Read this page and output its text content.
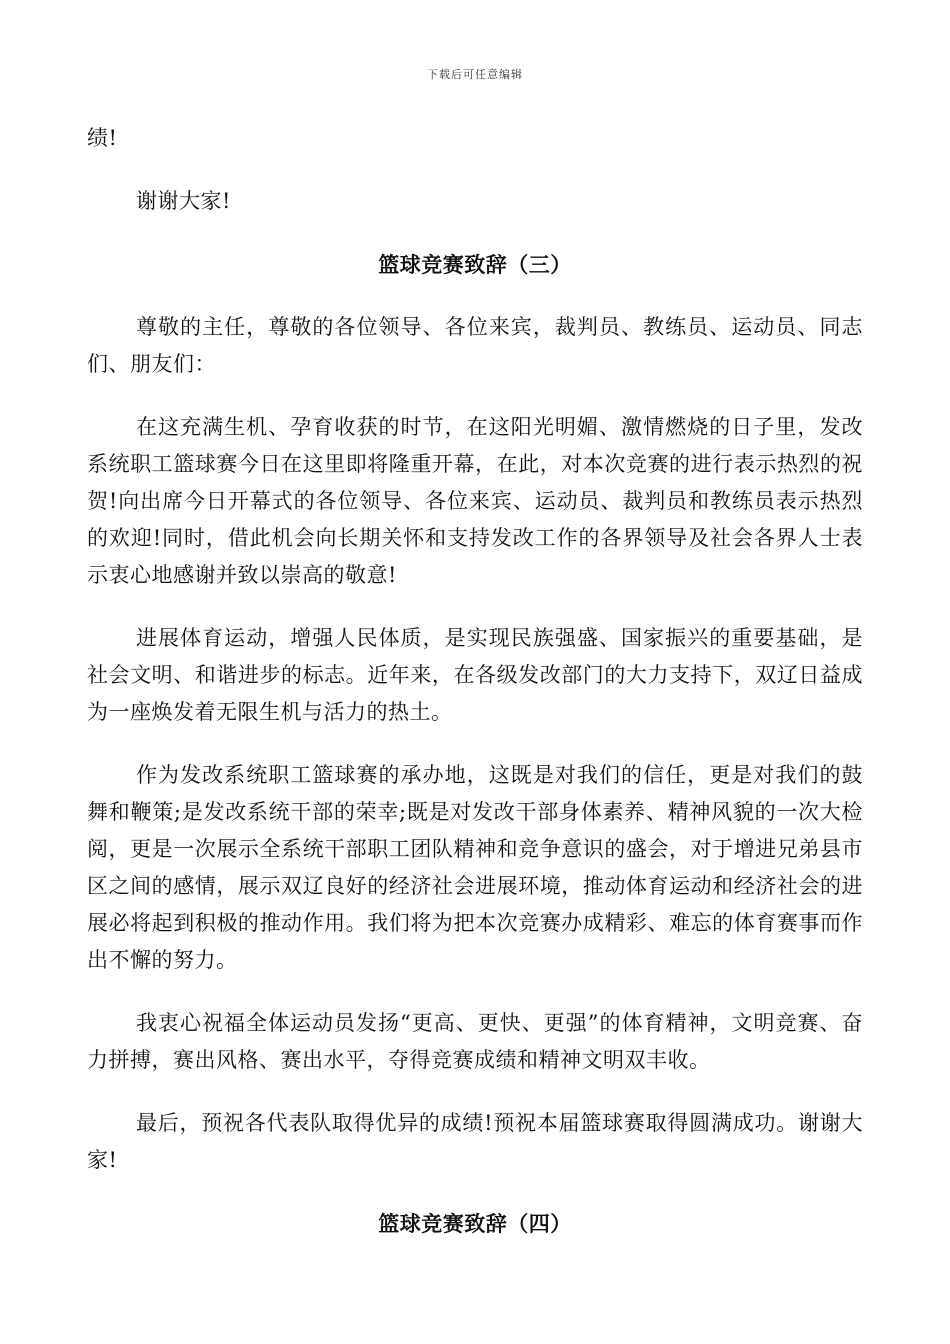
下载后可任意编辑

绩!

谢谢大家!

篮球竞赛致辞（三）

尊敬的主任，尊敬的各位领导、各位来宾，裁判员、教练员、运动员、同志们、朋友们：

在这充满生机、孕育收获的时节，在这阳光明媚、激情燃烧的日子里，发改系统职工篮球赛今日在这里即将隆重开幕，在此，对本次竞赛的进行表示热烈的祝贺!向出席今日开幕式的各位领导、各位来宾、运动员、裁判员和教练员表示热烈的欢迎!同时，借此机会向长期关怀和支持发改工作的各界领导及社会各界人士表示衷心地感谢并致以崇高的敬意!

进展体育运动，增强人民体质，是实现民族强盛、国家振兴的重要基础，是社会文明、和谐进步的标志。近年来，在各级发改部门的大力支持下，双辽日益成为一座焕发着无限生机与活力的热土。

作为发改系统职工篮球赛的承办地，这既是对我们的信任，更是对我们的鼓舞和鞭策;是发改系统干部的荣幸;既是对发改干部身体素养、精神风貌的一次大检阅，更是一次展示全系统干部职工团队精神和竞争意识的盛会，对于增进兄弟县市区之间的感情，展示双辽良好的经济社会进展环境，推动体育运动和经济社会的进展必将起到积极的推动作用。我们将为把本次竞赛办成精彩、难忘的体育赛事而作出不懈的努力。

我衷心祝福全体运动员发扬“更高、更快、更强”的体育精神，文明竞赛、奋力拼搏，赛出风格、赛出水平，夺得竞赛成绩和精神文明双丰收。

最后，预祝各代表队取得优异的成绩!预祝本届篮球赛取得圆满成功。谢谢大家!

篮球竞赛致辞（四）
